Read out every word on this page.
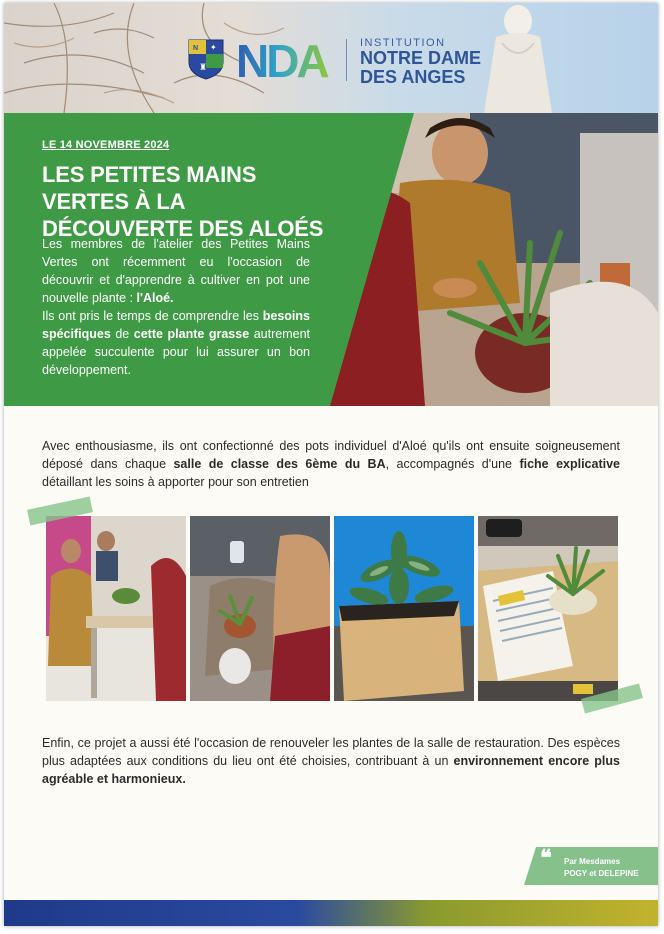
N ✦
♜ NDA	INSTITUTION
NOTRE DAME
DES ANGES
LE 14 NOVEMBRE 2024
LES PETITES MAINS VERTES À LA DÉCOUVERTE DES ALOÉS
Les membres de l'atelier des Petites Mains Vertes ont récemment eu l'occasion de découvrir et d'apprendre à cultiver en pot une nouvelle plante : l'Aloé.
Ils ont pris le temps de comprendre les besoins spécifiques de cette plante grasse autrement appelée succulente pour lui assurer un bon développement.
Avec enthousiasme, ils ont confectionné des pots individuel d'Aloé qu'ils ont ensuite soigneusement déposé dans chaque salle de classe des 6ème du BA, accompagnés d'une fiche explicative détaillant les soins à apporter pour son entretien
Enfin, ce projet a aussi été l'occasion de renouveler les plantes de la salle de restauration. Des espèces plus adaptées aux conditions du lieu ont été choisies, contribuant à un environnement encore plus agréable et harmonieux.
❝ Par Mesdames
POGY et DELEPINE
